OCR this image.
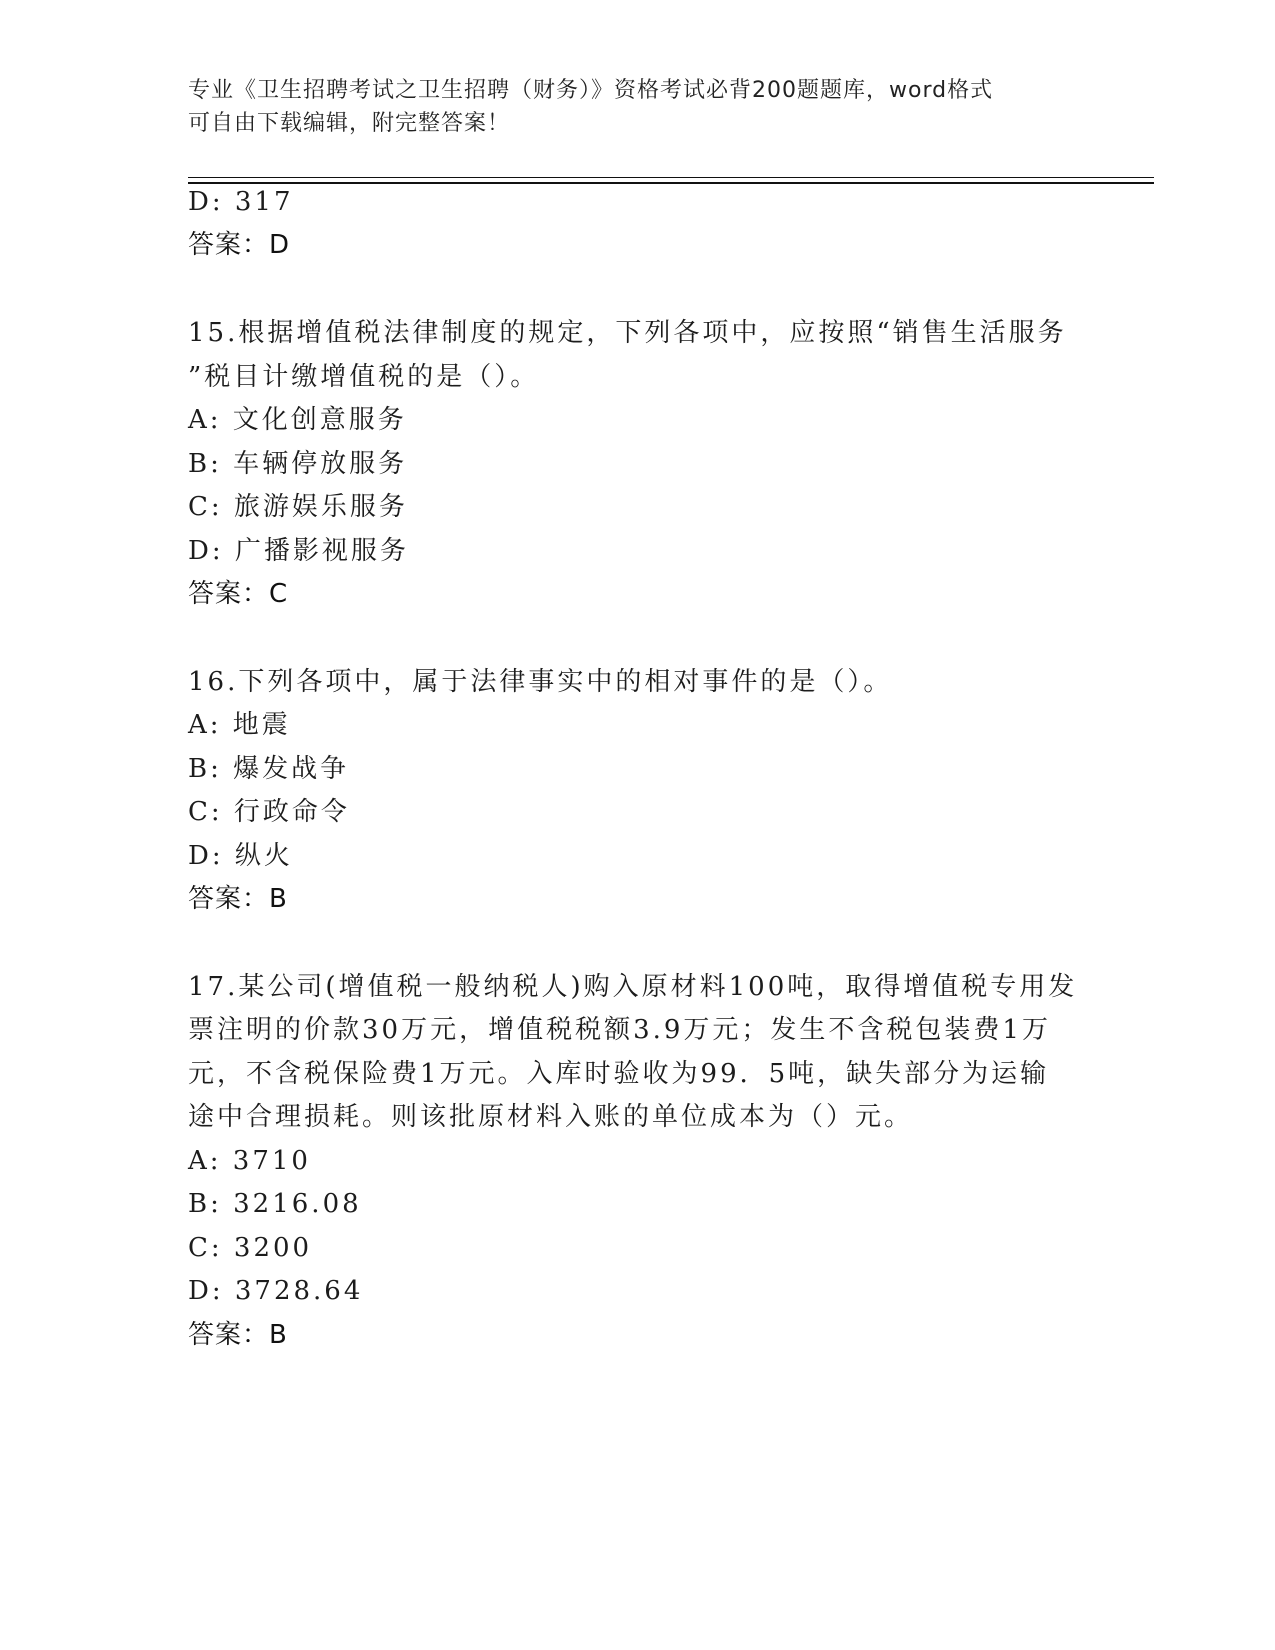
专业《卫生招聘考试之卫生招聘（财务）》资格考试必背200题题库，word格式
可自由下载编辑，附完整答案！
D: 317
答案：D
15.根据增值税法律制度的规定，下列各项中，应按照“销售生活服务
”税目计缴增值税的是（）。
A: 文化创意服务
B: 车辆停放服务
C: 旅游娱乐服务
D: 广播影视服务
答案：C
16.下列各项中，属于法律事实中的相对事件的是（）。
A: 地震
B: 爆发战争
C: 行政命令
D: 纵火
答案：B
17.某公司(增值税一般纳税人)购入原材料100吨，取得增值税专用发
票注明的价款30万元，增值税税额3.9万元；发生不含税包装费1万
元，不含税保险费1万元。入库时验收为99．5吨，缺失部分为运输
途中合理损耗。则该批原材料入账的单位成本为（）元。
A: 3710
B: 3216.08
C: 3200
D: 3728.64
答案：B
